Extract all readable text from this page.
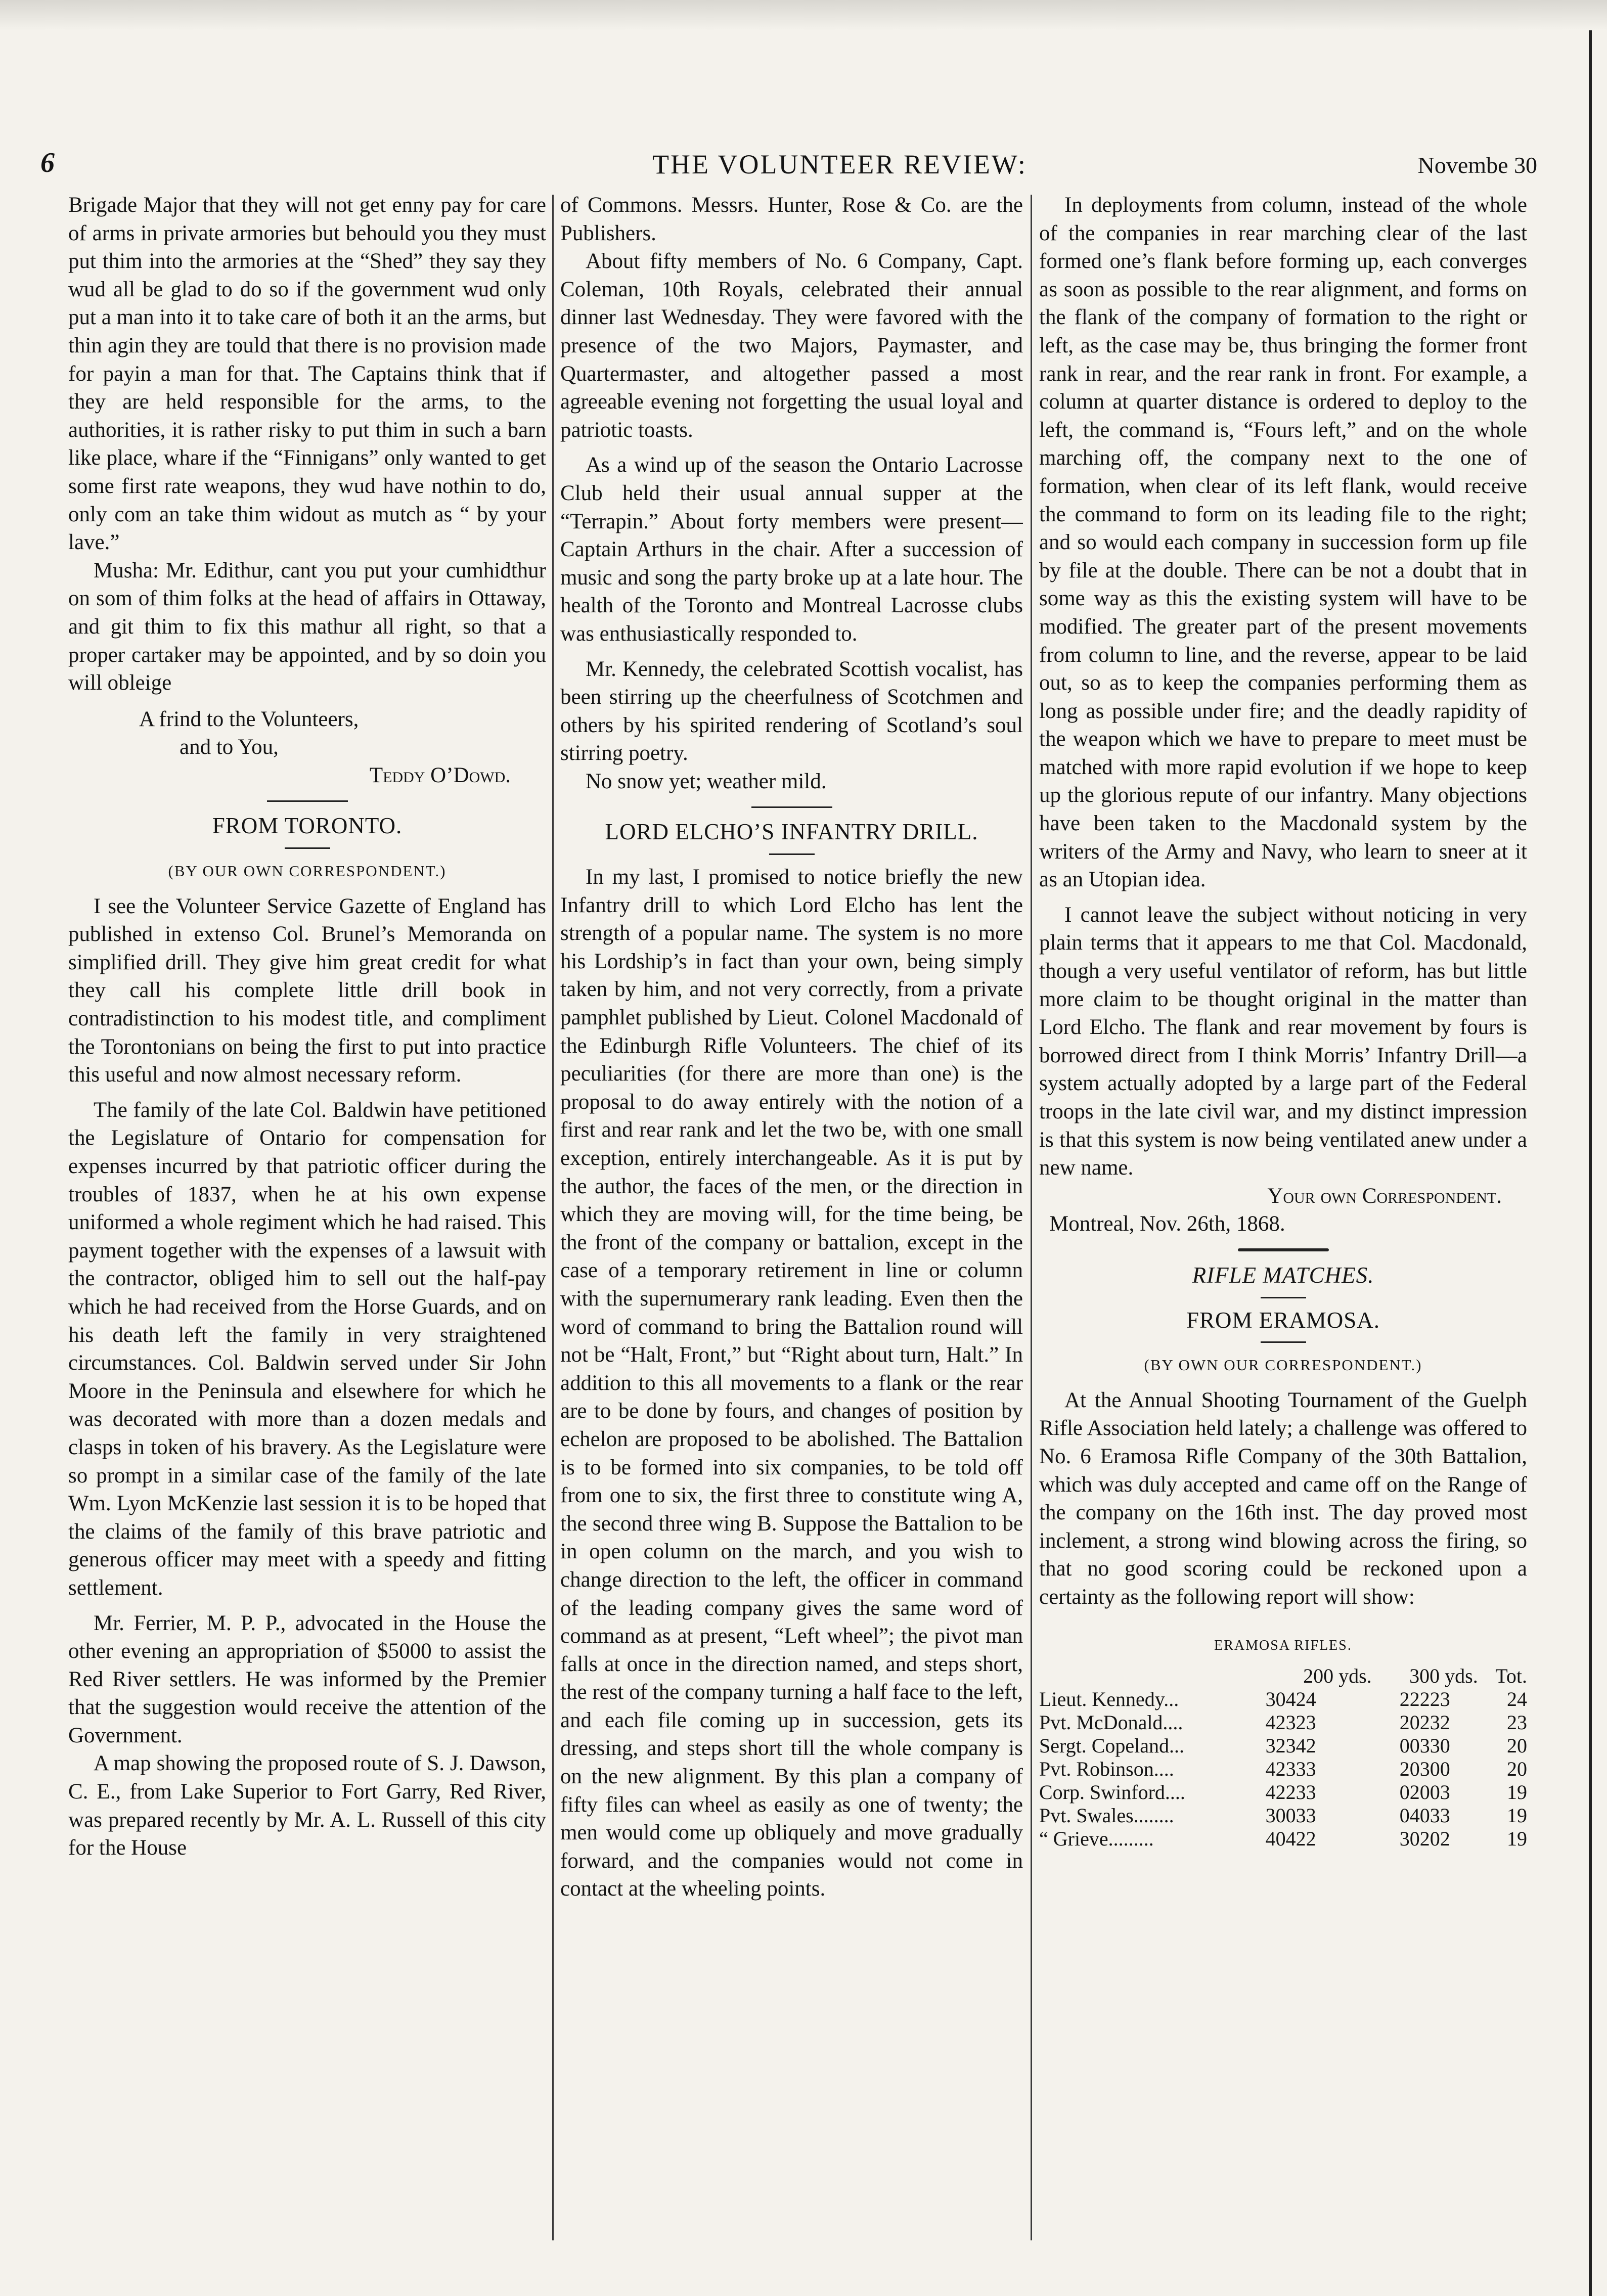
6	THE VOLUNTEER REVIEW:	Novembe 30

Brigade Major that they will not get enny pay for care of arms in private armories but behould you they must put thim into the armories at the “Shed” they say they wud all be glad to do so if the government wud only put a man into it to take care of both it an the arms, but thin agin they are tould that there is no provision made for payin a man for that. The Captains think that if they are held responsible for the arms, to the authorities, it is rather risky to put thim in such a barn like place, whare if the “Finnigans” only wanted to get some first rate weapons, they wud have nothin to do, only com an take thim widout as mutch as “ by your lave.”

Musha: Mr. Edithur, cant you put your cumhidthur on som of thim folks at the head of affairs in Ottaway, and git thim to fix this mathur all right, so that a proper cartaker may be appointed, and by so doin you will obleige

A frind to the Volunteers,
and to You,
Teddy O’Dowd.
FROM TORONTO.
(BY OUR OWN CORRESPONDENT.)

I see the Volunteer Service Gazette of England has published in extenso Col. Brunel’s Memoranda on simplified drill. They give him great credit for what they call his complete little drill book in contradistinction to his modest title, and compliment the Torontonians on being the first to put into practice this useful and now almost necessary reform.

The family of the late Col. Baldwin have petitioned the Legislature of Ontario for compensation for expenses incurred by that patriotic officer during the troubles of 1837, when he at his own expense uniformed a whole regiment which he had raised. This payment together with the expenses of a lawsuit with the contractor, obliged him to sell out the half-pay which he had received from the Horse Guards, and on his death left the family in very straightened circumstances. Col. Baldwin served under Sir John Moore in the Peninsula and elsewhere for which he was decorated with more than a dozen medals and clasps in token of his bravery. As the Legislature were so prompt in a similar case of the family of the late Wm. Lyon McKenzie last session it is to be hoped that the claims of the family of this brave patriotic and generous officer may meet with a speedy and fitting settlement.

Mr. Ferrier, M. P. P., advocated in the House the other evening an appropriation of $5000 to assist the Red River settlers. He was informed by the Premier that the suggestion would receive the attention of the Government.

A map showing the proposed route of S. J. Dawson, C. E., from Lake Superior to Fort Garry, Red River, was prepared recently by Mr. A. L. Russell of this city for the House

of Commons. Messrs. Hunter, Rose & Co. are the Publishers.

About fifty members of No. 6 Company, Capt. Coleman, 10th Royals, celebrated their annual dinner last Wednesday. They were favored with the presence of the two Majors, Paymaster, and Quartermaster, and altogether passed a most agreeable evening not forgetting the usual loyal and patriotic toasts.

As a wind up of the season the Ontario Lacrosse Club held their usual annual supper at the “Terrapin.” About forty members were present—Captain Arthurs in the chair. After a succession of music and song the party broke up at a late hour. The health of the Toronto and Montreal Lacrosse clubs was enthusiastically responded to.

Mr. Kennedy, the celebrated Scottish vocalist, has been stirring up the cheerfulness of Scotchmen and others by his spirited rendering of Scotland’s soul stirring poetry.

No snow yet; weather mild.

LORD ELCHO’S INFANTRY DRILL.

In my last, I promised to notice briefly the new Infantry drill to which Lord Elcho has lent the strength of a popular name. The system is no more his Lordship’s in fact than your own, being simply taken by him, and not very correctly, from a private pamphlet published by Lieut. Colonel Macdonald of the Edinburgh Rifle Volunteers. The chief of its peculiarities (for there are more than one) is the proposal to do away entirely with the notion of a first and rear rank and let the two be, with one small exception, entirely interchangeable. As it is put by the author, the faces of the men, or the direction in which they are moving will, for the time being, be the front of the company or battalion, except in the case of a temporary retirement in line or column with the supernumerary rank leading. Even then the word of command to bring the Battalion round will not be “Halt, Front,” but “Right about turn, Halt.” In addition to this all movements to a flank or the rear are to be done by fours, and changes of position by echelon are proposed to be abolished. The Battalion is to be formed into six companies, to be told off from one to six, the first three to constitute wing A, the second three wing B. Suppose the Battalion to be in open column on the march, and you wish to change direction to the left, the officer in command of the leading company gives the same word of command as at present, “Left wheel”; the pivot man falls at once in the direction named, and steps short, the rest of the company turning a half face to the left, and each file coming up in succession, gets its dressing, and steps short till the whole company is on the new alignment. By this plan a company of fifty files can wheel as easily as one of twenty; the men would come up obliquely and move gradually forward, and the companies would not come in contact at the wheeling points.

In deployments from column, instead of the whole of the companies in rear marching clear of the last formed one’s flank before forming up, each converges as soon as possible to the rear alignment, and forms on the flank of the company of formation to the right or left, as the case may be, thus bringing the former front rank in rear, and the rear rank in front. For example, a column at quarter distance is ordered to deploy to the left, the command is, “Fours left,” and on the whole marching off, the company next to the one of formation, when clear of its left flank, would receive the command to form on its leading file to the right; and so would each company in succession form up file by file at the double. There can be not a doubt that in some way as this the existing system will have to be modified. The greater part of the present movements from column to line, and the reverse, appear to be laid out, so as to keep the companies performing them as long as possible under fire; and the deadly rapidity of the weapon which we have to prepare to meet must be matched with more rapid evolution if we hope to keep up the glorious repute of our infantry. Many objections have been taken to the Macdonald system by the writers of the Army and Navy, who learn to sneer at it as an Utopian idea.

I cannot leave the subject without noticing in very plain terms that it appears to me that Col. Macdonald, though a very useful ventilator of reform, has but little more claim to be thought original in the matter than Lord Elcho. The flank and rear movement by fours is borrowed direct from I think Morris’ Infantry Drill—a system actually adopted by a large part of the Federal troops in the late civil war, and my distinct impression is that this system is now being ventilated anew under a new name.

Your own Correspondent.
Montreal, Nov. 26th, 1868.
RIFLE MATCHES.
FROM ERAMOSA.
(BY OWN OUR CORRESPONDENT.)

At the Annual Shooting Tournament of the Guelph Rifle Association held lately; a challenge was offered to No. 6 Eramosa Rifle Company of the 30th Battalion, which was duly accepted and came off on the Range of the company on the 16th inst. The day proved most inclement, a strong wind blowing across the firing, so that no good scoring could be reckoned upon a certainty as the following report will show:

ERAMOSA RIFLES.
	200 yds.	300 yds.	Tot.
Lieut. Kennedy...	30424	22223	24
Pvt. McDonald....	42323	20232	23
Sergt. Copeland...	32342	00330	20
Pvt. Robinson....	42333	20300	20
Corp. Swinford....	42233	02003	19
Pvt. Swales........	30033	04033	19
“ Grieve.........	40422	30202	19
